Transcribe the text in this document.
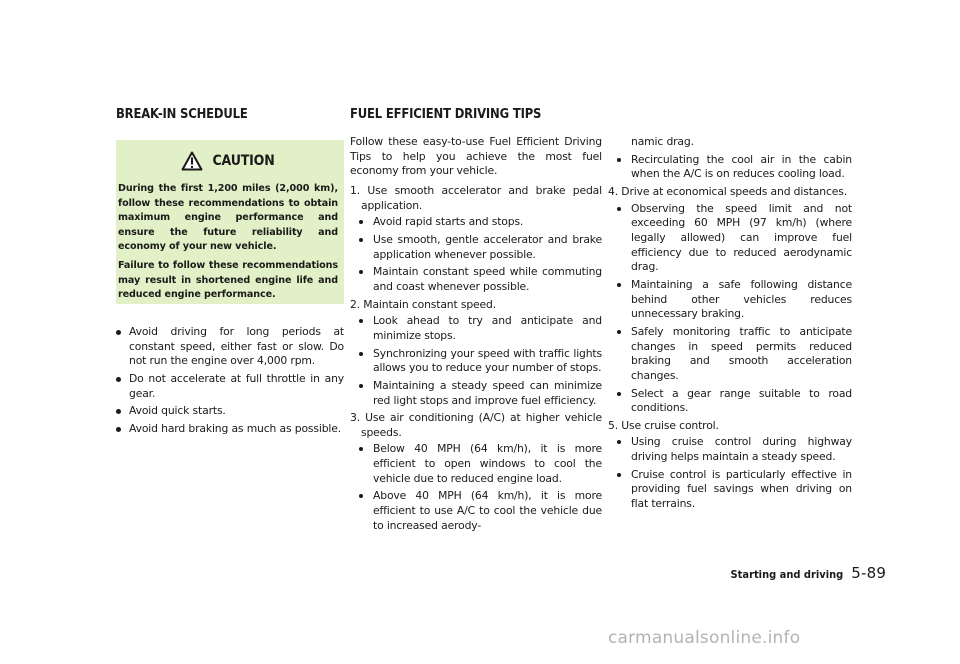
BREAK-IN SCHEDULE	FUEL EFFICIENT DRIVING TIPS
CAUTION

During the first 1,200 miles (2,000 km), follow these recommendations to obtain maximum engine performance and ensure the future reliability and economy of your new vehicle.

Failure to follow these recommendations may result in shortened engine life and reduced engine performance.

Avoid driving for long periods at constant speed, either fast or slow. Do not run the engine over 4,000 rpm.

Do not accelerate at full throttle in any gear.

Avoid quick starts.

Avoid hard braking as much as possible.

Follow these easy-to-use Fuel Efficient Driving Tips to help you achieve the most fuel economy from your vehicle.

1. Use smooth accelerator and brake pedal application.

Avoid rapid starts and stops.

Use smooth, gentle accelerator and brake application whenever possible.

Maintain constant speed while commuting and coast whenever possible.

2. Maintain constant speed.

Look ahead to try and anticipate and minimize stops.

Synchronizing your speed with traffic lights allows you to reduce your number of stops.

Maintaining a steady speed can minimize red light stops and improve fuel efficiency.

3. Use air conditioning (A/C) at higher vehicle speeds.

Below 40 MPH (64 km/h), it is more efficient to open windows to cool the vehicle due to reduced engine load.

Above 40 MPH (64 km/h), it is more efficient to use A/C to cool the vehicle due to increased aerody-

namic drag.

Recirculating the cool air in the cabin when the A/C is on reduces cooling load.

4. Drive at economical speeds and distances.

Observing the speed limit and not exceeding 60 MPH (97 km/h) (where legally allowed) can improve fuel efficiency due to reduced aerodynamic drag.

Maintaining a safe following distance behind other vehicles reduces unnecessary braking.

Safely monitoring traffic to anticipate changes in speed permits reduced braking and smooth acceleration changes.

Select a gear range suitable to road conditions.

5. Use cruise control.

Using cruise control during highway driving helps maintain a steady speed.

Cruise control is particularly effective in providing fuel savings when driving on flat terrains.

Starting and driving 5-89
carmanualsonline.info
